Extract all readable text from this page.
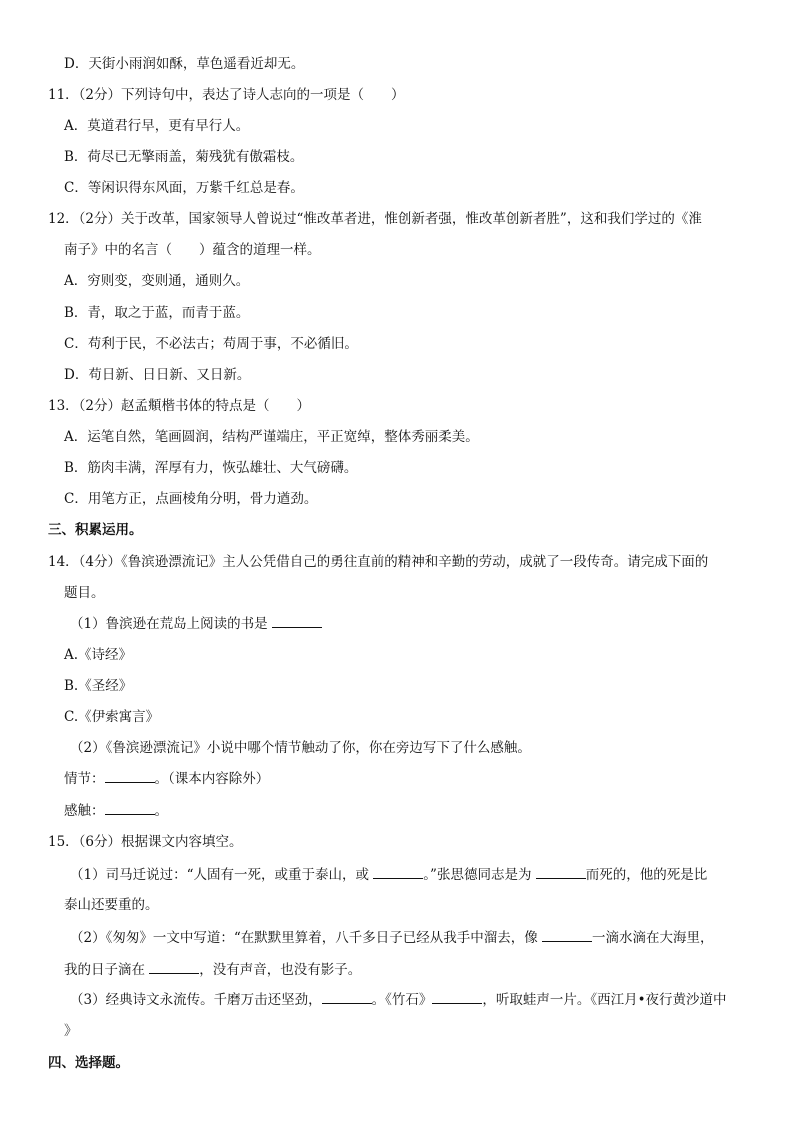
D．天街小雨润如酥，草色遥看近却无。
11．（2分）下列诗句中，表达了诗人志向的一项是（　　）
A．莫道君行早，更有早行人。
B．荷尽已无擎雨盖，菊残犹有傲霜枝。
C．等闲识得东风面，万紫千红总是春。
12．（2分）关于改革，国家领导人曾说过“惟改革者进，惟创新者强，惟改革创新者胜”，这和我们学过的《淮
南子》中的名言（　　）蕴含的道理一样。
A．穷则变，变则通，通则久。
B．青，取之于蓝，而青于蓝。
C．苟利于民，不必法古；苟周于事，不必循旧。
D．苟日新、日日新、又日新。
13．（2分）赵孟頫楷书体的特点是（　　）
A．运笔自然，笔画圆润，结构严谨端庄，平正宽绰，整体秀丽柔美。
B．筋肉丰满，浑厚有力，恢弘雄壮、大气磅礴。
C．用笔方正，点画棱角分明，骨力遒劲。
三、积累运用。
14．（4分）《鲁滨逊漂流记》主人公凭借自己的勇往直前的精神和辛勤的劳动，成就了一段传奇。请完成下面的
题目。
（1）鲁滨逊在荒岛上阅读的书是
A.《诗经》
B.《圣经》
C.《伊索寓言》
（2）《鲁滨逊漂流记》小说中哪个情节触动了你，你在旁边写下了什么感触。
情节：	。（课本内容除外）
感触：	。
15．（6分）根据课文内容填空。
（1）司马迁说过：“人固有一死，或重于泰山，或	。”张思德同志是为	而死的，他的死是比
泰山还要重的。
（2）《匆匆》一文中写道：“在默默里算着，八千多日子已经从我手中溜去，像	一滴水滴在大海里，
我的日子滴在	，没有声音，也没有影子。
（3）经典诗文永流传。千磨万击还坚劲，	。《竹石》	，听取蛙声一片。《西江月•夜行黄沙道中
》
四、选择题。
